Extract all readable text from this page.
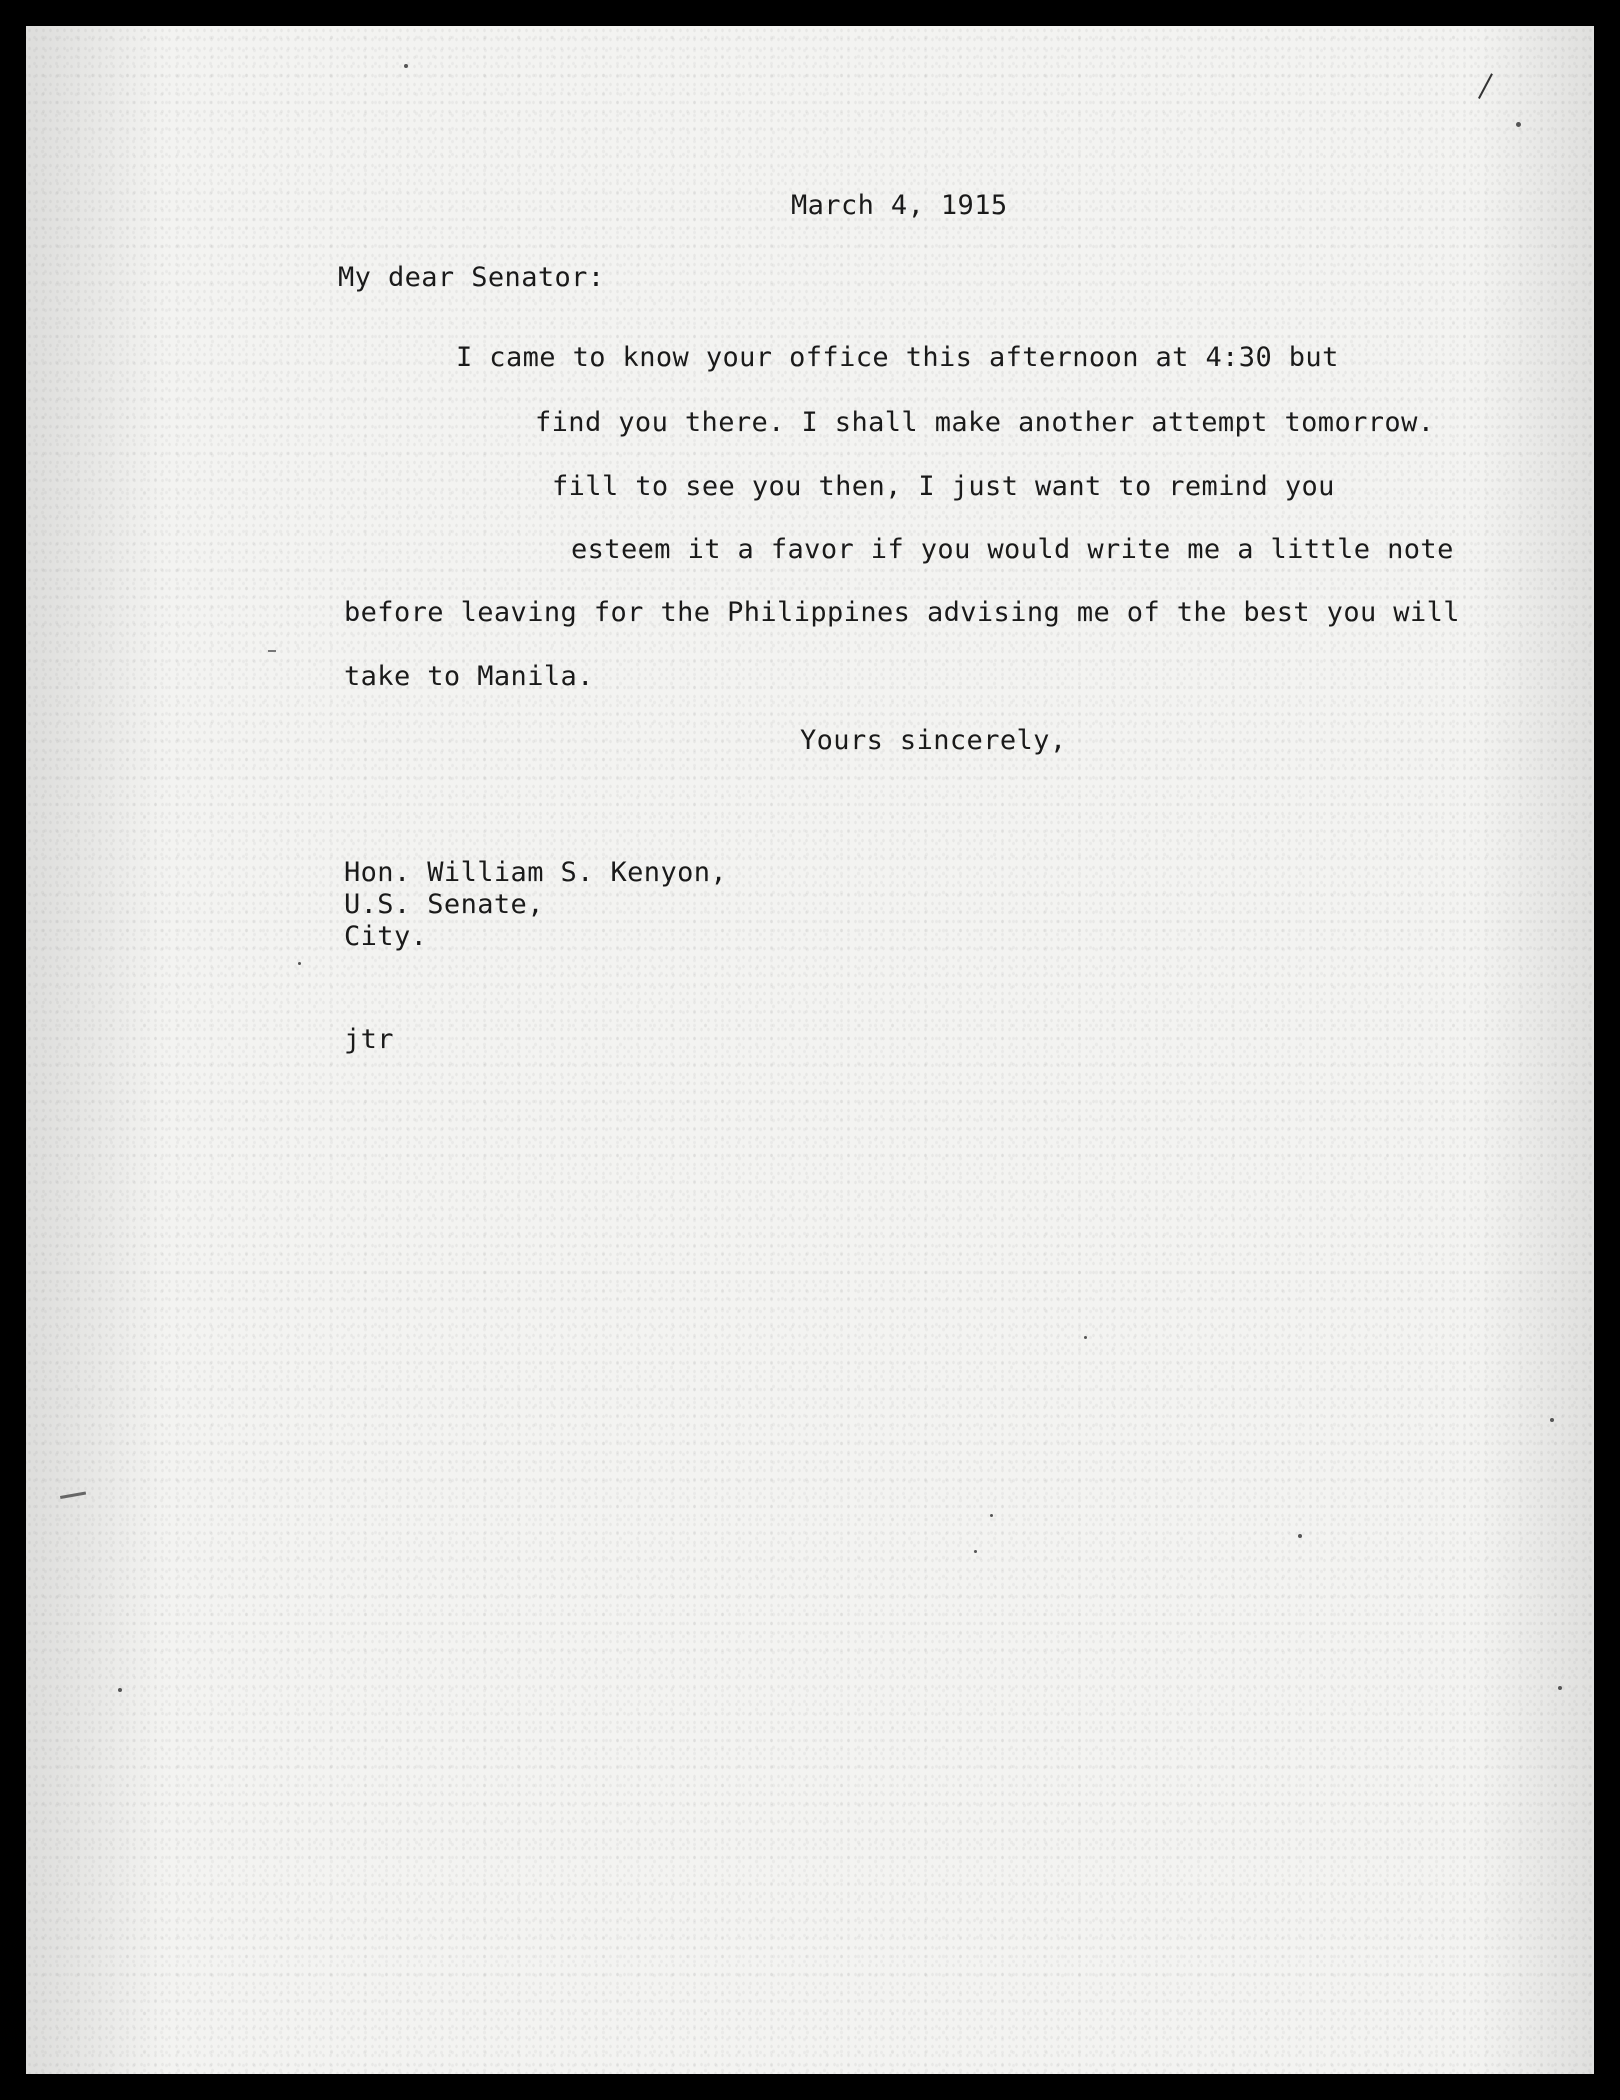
March 4, 1915
My dear Senator:
I came to know your office this afternoon at 4:30 but
find you there. I shall make another attempt tomorrow.
fill to see you then, I just want to remind you
esteem it a favor if you would write me a little note
before leaving for the Philippines advising me of the best you will
take to Manila.
Yours sincerely,
Hon. William S. Kenyon,
U.S. Senate,
City.
jtr
